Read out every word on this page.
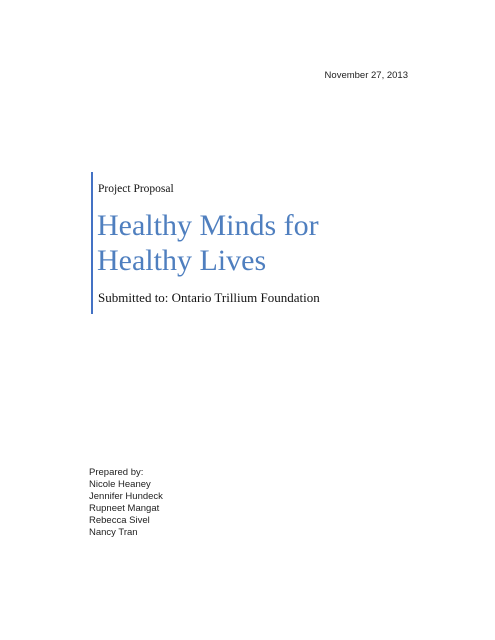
November 27, 2013
Project Proposal
Healthy Minds for
Healthy Lives
Submitted to: Ontario Trillium Foundation
Prepared by:
Nicole Heaney
Jennifer Hundeck
Rupneet Mangat
Rebecca Sivel
Nancy Tran
